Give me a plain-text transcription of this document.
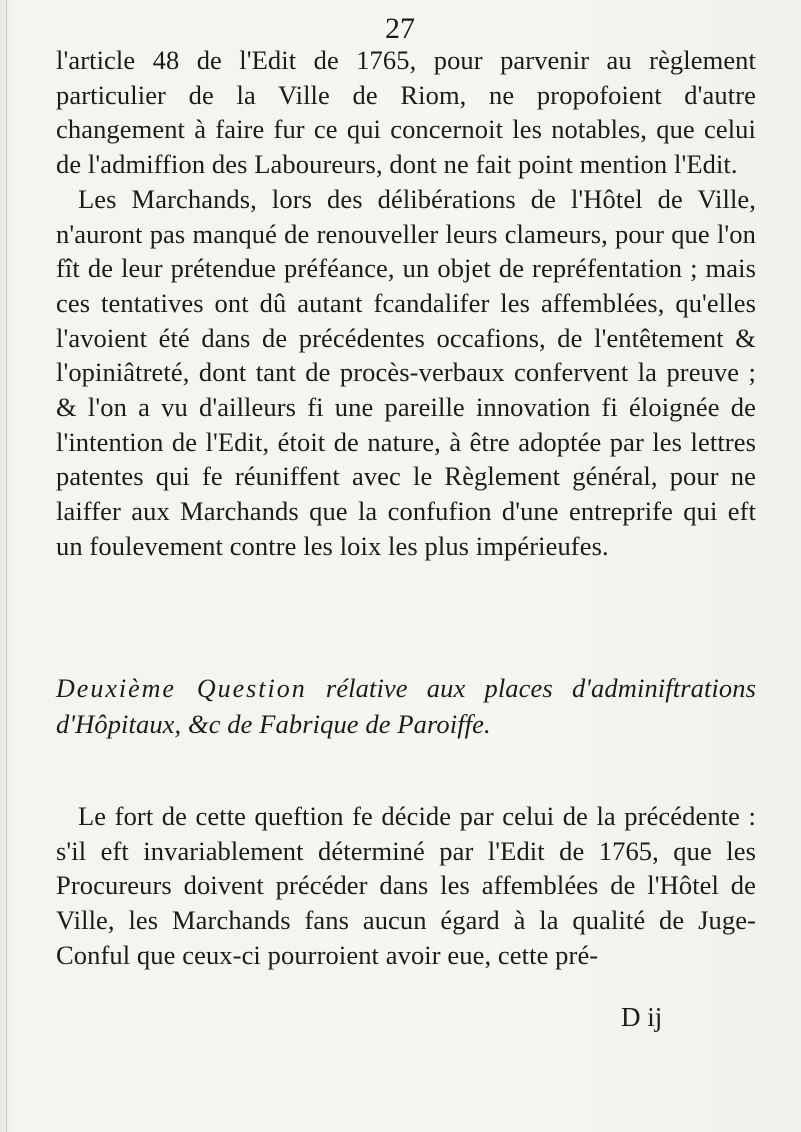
27

l'article 48 de l'Edit de 1765, pour parvenir au règlement particulier de la Ville de Riom, ne propofoient d'autre changement à faire fur ce qui concernoit les notables, que celui de l'admiffion des Laboureurs, dont ne fait point mention l'Edit.

Les Marchands, lors des délibérations de l'Hôtel de Ville, n'auront pas manqué de renouveller leurs clameurs, pour que l'on fît de leur prétendue préféance, un objet de repréfentation ; mais ces tentatives ont dû autant fcandalifer les affemblées, qu'elles l'avoient été dans de précédentes occafions, de l'entêtement & l'opiniâtreté, dont tant de procès-verbaux confervent la preuve ; & l'on a vu d'ailleurs fi une pareille innovation fi éloignée de l'intention de l'Edit, étoit de nature, à être adoptée par les lettres patentes qui fe réuniffent avec le Règlement général, pour ne laiffer aux Marchands que la confufion d'une entreprife qui eft un foulevement contre les loix les plus impérieufes.

Deuxième Question rélative aux places d'adminiftrations d'Hôpitaux, &c de Fabrique de Paroiffe.

Le fort de cette queftion fe décide par celui de la précédente : s'il eft invariablement déterminé par l'Edit de 1765, que les Procureurs doivent précéder dans les affemblées de l'Hôtel de Ville, les Marchands fans aucun égard à la qualité de Juge-Conful que ceux-ci pourroient avoir eue, cette pré-

D ij
